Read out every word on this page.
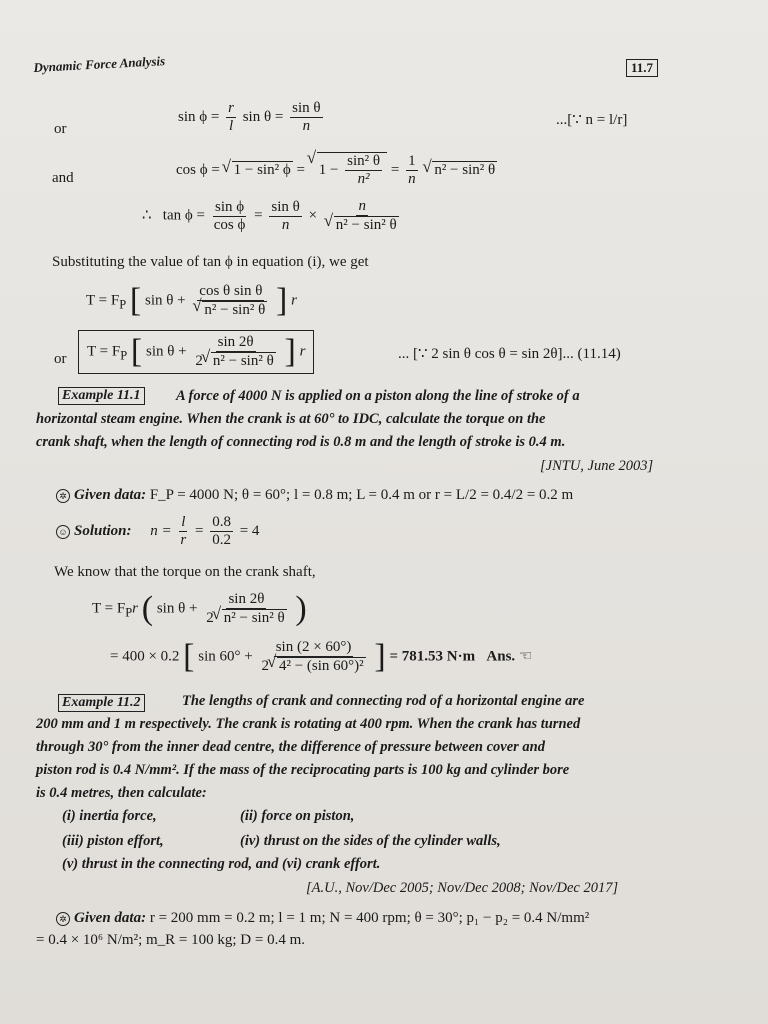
Dynamic Force Analysis	11.7
or
$\sin \phi = \frac{r}{l}$ $\sin \theta = \frac{\text{sin θ}}{n}$	...[∵ n = l/r]
and
cos ϕ = √ 1 − sin² ϕ = √ $1 - \frac{\text{sin² θ}}{\text{n²}} = \frac{1}{n}$ √ n² − sin² θ
∴ $\tan \phi = \frac{\text{sin ϕ}}{\text{cos ϕ}} = \frac{\text{sin θ}}{n} \times n$
√ n² − sin² θ
Substituting the value of tan ϕ in equation (i), we get
$T = F_P$ [ sin θ + cos θ sin θ
√ n² − sin² θ ] r
or	$T = F_P$ [ $\sin \theta + \frac{\sin 2\theta}{\text{2 √ n² − sin² θ}}$ ] r	... [∵ 2 sin θ cos θ = sin 2θ]... (11.14)
Example 11.1 A force of 4000 N is applied on a piston along the line of stroke of a
horizontal steam engine. When the crank is at 60° to IDC, calculate the torque on the
crank shaft, when the length of connecting rod is 0.8 m and the length of stroke is 0.4 m.
[JNTU, June 2003]
✲ Given data: F_P = 4000 N; θ = 60°; l = 0.8 m; L = 0.4 m or r = L/2 = 0.4/2 = 0.2 m
☺ Solution: $n = \frac{l}{r} = \frac{0.8}{0.2} = 4$
We know that the torque on the crank shaft,
$T = F_Pr$ ( $\sin \theta + \frac{\sin 2\theta}{\text{2 √ n² − sin² θ}}$ )
= 400 × 0.2 [ $\sin 60^\circ + \frac{\sin (2 \times 60^\circ)}{\text{2 √ 4² − (sin 60°)²}}$ ] = 781.53 N·m Ans. ☜
Example 11.2	The lengths of crank and connecting rod of a horizontal engine are
200 mm and 1 m respectively. The crank is rotating at 400 rpm. When the crank has turned
through 30° from the inner dead centre, the difference of pressure between cover and
piston rod is 0.4 N/mm². If the mass of the reciprocating parts is 100 kg and cylinder bore
is 0.4 metres, then calculate:
(i) inertia force,	(ii) force on piston,
(iii) piston effort,	(iv) thrust on the sides of the cylinder walls,
(v) thrust in the connecting rod, and (vi) crank effort.
[A.U., Nov/Dec 2005; Nov/Dec 2008; Nov/Dec 2017]
✲ Given data: r = 200 mm = 0.2 m; l = 1 m; N = 400 rpm; θ = 30°; p₁ − p₂ = 0.4 N/mm²
= 0.4 × 10⁶ N/m²; m_R = 100 kg; D = 0.4 m.
